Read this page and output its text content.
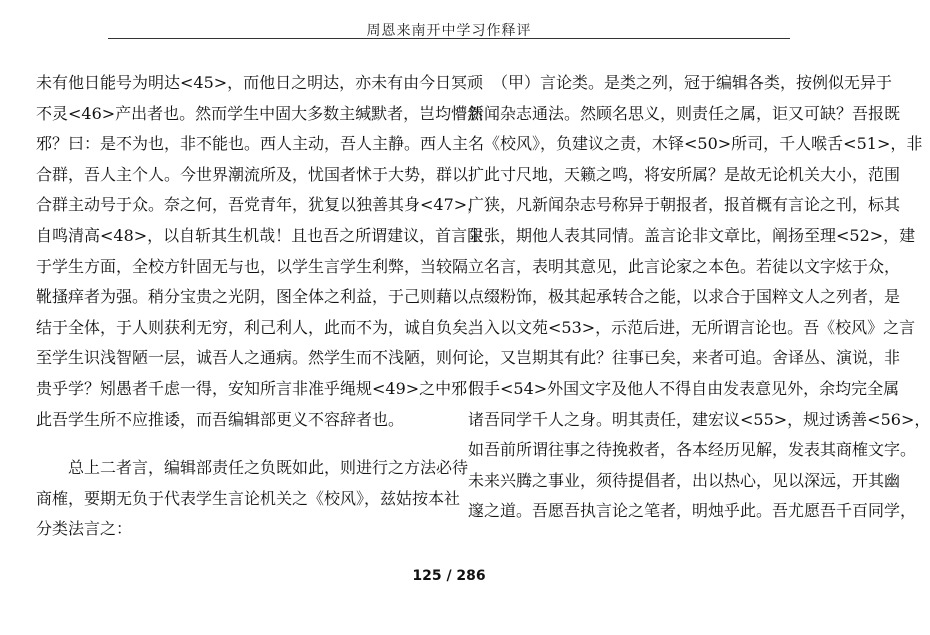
周恩来南开中学习作释评
未有他日能号为明达<45>，而他日之明达，亦未有由今日冥顽
不灵<46>产出者也。然而学生中固大多数主缄默者，岂均懵然
邪？曰：是不为也，非不能也。西人主动，吾人主静。西人主
合群，吾人主个人。今世界潮流所及，忧国者怵于大势，群以
合群主动号于众。奈之何，吾党青年，犹复以独善其身<47>，
自鸣清高<48>，以自斩其生机哉！且也吾之所谓建议，首言限
于学生方面，全校方针固无与也，以学生言学生利弊，当较隔
靴搔痒者为强。稍分宝贵之光阴，图全体之利益，于己则藉以
结于全体，于人则获利无穷，利己利人，此而不为，诚自负矣。
至学生识浅智陋一层，诚吾人之通病。然学生而不浅陋，则何
贵乎学？矧愚者千虑一得，安知所言非准乎绳规<49>之中邪！
此吾学生所不应推诿，而吾编辑部更义不容辞者也。
　　总上二者言，编辑部责任之负既如此，则进行之方法必待
商榷，要期无负于代表学生言论机关之《校风》，兹姑按本社
分类法言之：
　　（甲）言论类。是类之列，冠于编辑各类，按例似无异于
新闻杂志通法。然顾名思义，则责任之属，讵又可缺？吾报既
名《校风》，负建议之责，木铎<50>所司，千人喉舌<51>，非
扩此寸尺地，天籁之鸣，将安所属？是故无论机关大小，范围
广狭，凡新闻杂志号称异于朝报者，报首概有言论之刊，标其
主张，期他人表其同情。盖言论非文章比，阐扬至理<52>，建
立名言，表明其意见，此言论家之本色。若徒以文字炫于众，
点缀粉饰，极其起承转合之能，以求合于国粹文人之列者，是
当入以文苑<53>，示范后进，无所谓言论也。吾《校风》之言
论，又岂期其有此？往事已矣，来者可追。舍译丛、演说，非
假手<54>外国文字及他人不得自由发表意见外，余均完全属
诸吾同学千人之身。明其责任，建宏议<55>，规过诱善<56>，
如吾前所谓往事之待挽救者，各本经历见解，发表其商榷文字。
未来兴腾之事业，须待提倡者，出以热心，见以深远，开其幽
邃之道。吾愿吾执言论之笔者，明烛乎此。吾尤愿吾千百同学，
125 / 286
